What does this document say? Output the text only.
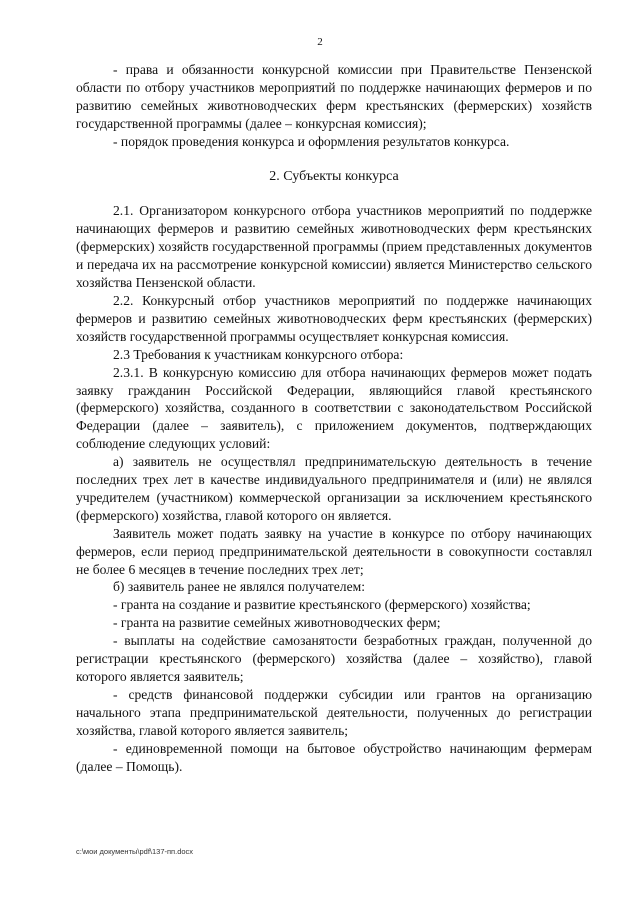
2

- права и обязанности конкурсной комиссии при Правительстве Пензенской области по отбору участников мероприятий по поддержке начинающих фермеров и по развитию семейных животноводческих ферм крестьянских (фермерских) хозяйств государственной программы (далее – конкурсная комиссия);

- порядок проведения конкурса и оформления результатов конкурса.

2. Субъекты конкурса

2.1. Организатором конкурсного отбора участников мероприятий по поддержке начинающих фермеров и развитию семейных животноводческих ферм крестьянских (фермерских) хозяйств государственной программы (прием представленных документов и передача их на рассмотрение конкурсной комиссии) является Министерство сельского хозяйства Пензенской области.

2.2. Конкурсный отбор участников мероприятий по поддержке начинающих фермеров и развитию семейных животноводческих ферм крестьянских (фермерских) хозяйств государственной программы осуществляет конкурсная комиссия.

2.3 Требования к участникам конкурсного отбора:

2.3.1. В конкурсную комиссию для отбора начинающих фермеров может подать заявку гражданин Российской Федерации, являющийся главой крестьянского (фермерского) хозяйства, созданного в соответствии с законодательством Российской Федерации (далее – заявитель), с приложением документов, подтверждающих соблюдение следующих условий:

а) заявитель не осуществлял предпринимательскую деятельность в течение последних трех лет в качестве индивидуального предпринимателя и (или) не являлся учредителем (участником) коммерческой организации за исключением крестьянского (фермерского) хозяйства, главой которого он является.

Заявитель может подать заявку на участие в конкурсе по отбору начинающих фермеров, если период предпринимательской деятельности в совокупности составлял не более 6 месяцев в течение последних трех лет;

б) заявитель ранее не являлся получателем:

- гранта на создание и развитие крестьянского (фермерского) хозяйства;

- гранта на развитие семейных животноводческих ферм;

- выплаты на содействие самозанятости безработных граждан, полученной до регистрации крестьянского (фермерского) хозяйства (далее – хозяйство), главой которого является заявитель;

- средств финансовой поддержки субсидии или грантов на организацию начального этапа предпринимательской деятельности, полученных до регистрации хозяйства, главой которого является заявитель;

- единовременной помощи на бытовое обустройство начинающим фермерам (далее – Помощь).

c:\мои документы\pdf\137-пп.docx
